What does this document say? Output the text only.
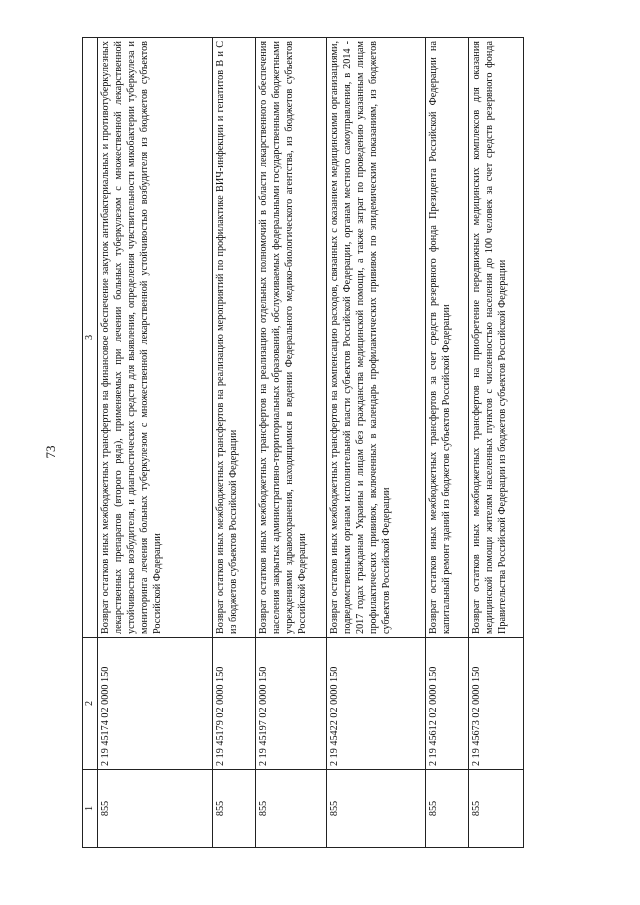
73
1	2	3
855	2 19 45174 02 0000 150	Возврат остатков иных межбюджетных трансфертов на финансовое обеспечение закупок антибактериальных и противотуберкулезных лекарственных препаратов (второго ряда), применяемых при лечении больных туберкулезом с множественной лекарственной устойчивостью возбудителя, и диагностических средств для выявления, определения чувствительности микобактерии туберкулеза и мониторинга лечения больных туберкулезом с множественной лекарственной устойчивостью возбудителя из бюджетов субъектов Российской Федерации
855	2 19 45179 02 0000 150	Возврат остатков иных межбюджетных трансфертов на реализацию мероприятий по профилактике ВИЧ-инфекции и гепатитов В и С из бюджетов субъектов Российской Федерации
855	2 19 45197 02 0000 150	Возврат остатков иных межбюджетных трансфертов на реализацию отдельных полномочий в области лекарственного обеспечения населения закрытых административно-территориальных образований, обслуживаемых федеральными государственными бюджетными учреждениями здравоохранения, находящимися в ведении Федерального медико-биологического агентства, из бюджетов субъектов Российской Федерации
855	2 19 45422 02 0000 150	Возврат остатков иных межбюджетных трансфертов на компенсацию расходов, связанных с оказанием медицинскими организациями, подведомственными органам исполнительной власти субъектов Российской Федерации, органам местного самоуправления, в 2014 - 2017 годах гражданам Украины и лицам без гражданства медицинской помощи, а также затрат по проведению указанным лицам профилактических прививок, включенных в календарь профилактических прививок по эпидемическим показаниям, из бюджетов субъектов Российской Федерации
855	2 19 45612 02 0000 150	Возврат остатков иных межбюджетных трансфертов за счет средств резервного фонда Президента Российской Федерации на капитальный ремонт зданий из бюджетов субъектов Российской Федерации
855	2 19 45673 02 0000 150	Возврат остатков иных межбюджетных трансфертов на приобретение передвижных медицинских комплексов для оказания медицинской помощи жителям населенных пунктов с численностью населения до 100 человек за счет средств резервного фонда Правительства Российской Федерации из бюджетов субъектов Российской Федерации
